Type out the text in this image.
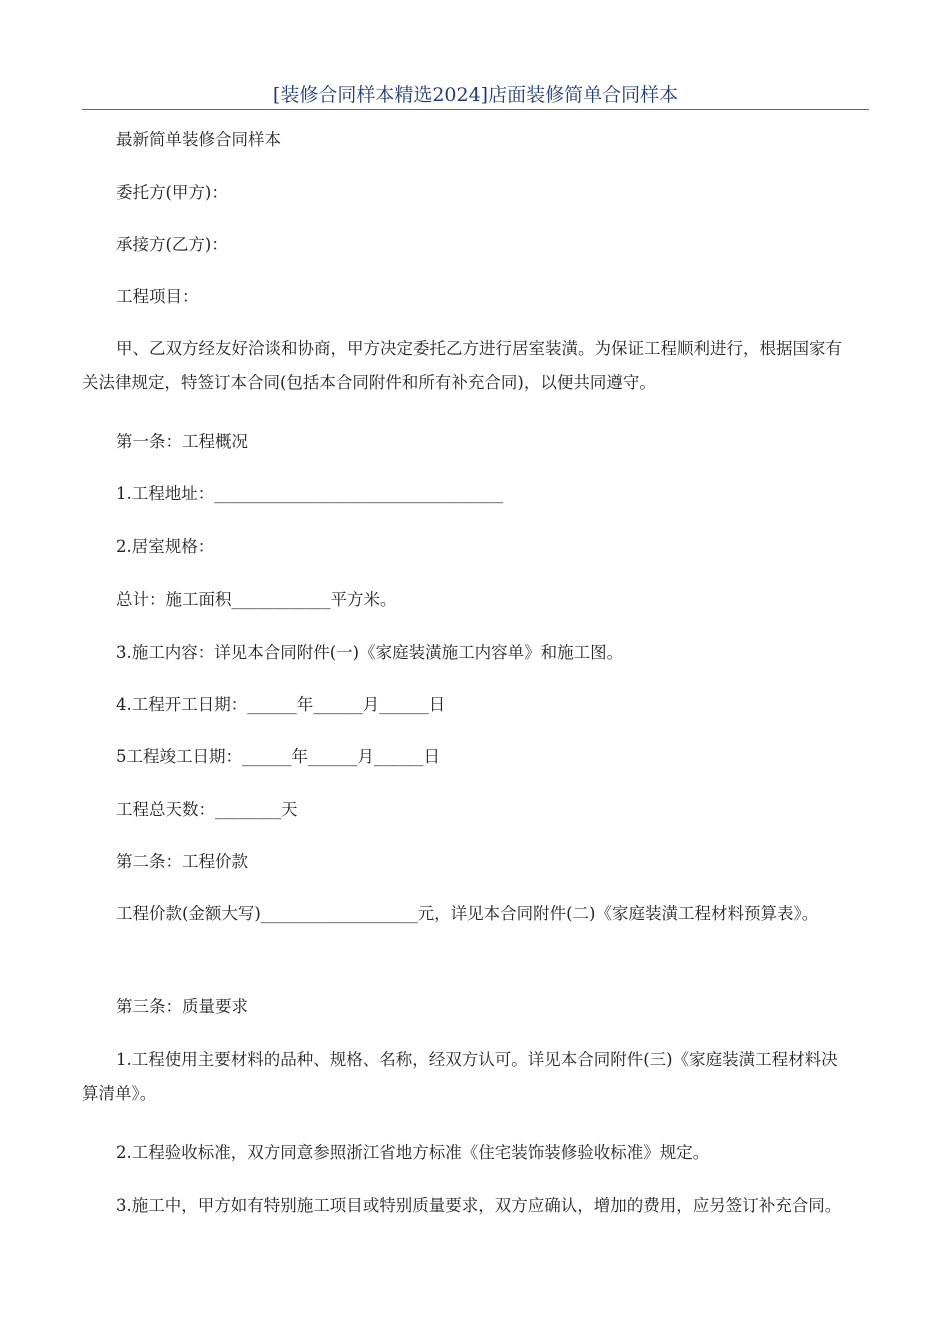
[装修合同样本精选2024]店面装修简单合同样本

最新简单装修合同样本

委托方(甲方)：

承接方(乙方)：

工程项目：

甲、乙双方经友好洽谈和协商，甲方决定委托乙方进行居室装潢。为保证工程顺利进行，根据国家有关法律规定，特签订本合同(包括本合同附件和所有补充合同)，以便共同遵守。

第一条：工程概况

1.工程地址：___________________________________

2.居室规格：

总计：施工面积____________平方米。

3.施工内容：详见本合同附件(一)《家庭装潢施工内容单》和施工图。

4.工程开工日期：______年______月______日

5工程竣工日期：______年______月______日

工程总天数：________天

第二条：工程价款

工程价款(金额大写)___________________元，详见本合同附件(二)《家庭装潢工程材料预算表》。

第三条：质量要求

1.工程使用主要材料的品种、规格、名称，经双方认可。详见本合同附件(三)《家庭装潢工程材料决算清单》。

2.工程验收标准，双方同意参照浙江省地方标准《住宅装饰装修验收标准》规定。

3.施工中，甲方如有特别施工项目或特别质量要求，双方应确认，增加的费用，应另签订补充合同。
